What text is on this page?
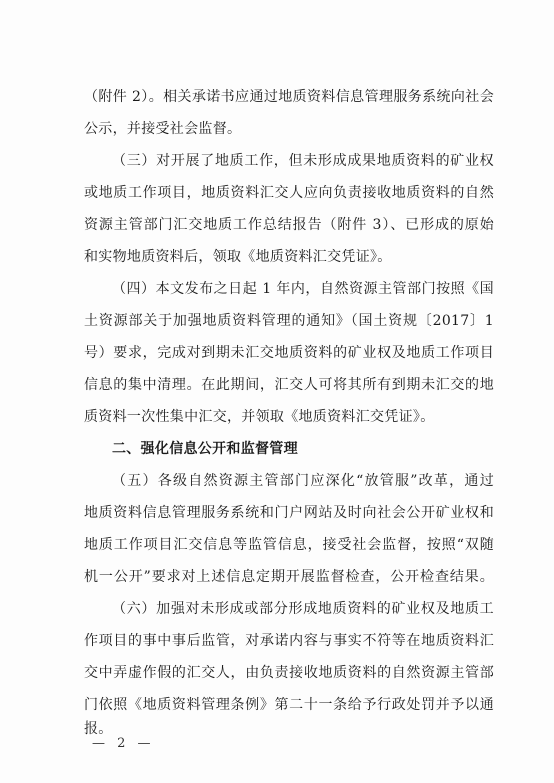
（附件 2）。相关承诺书应通过地质资料信息管理服务系统向社会
公示，并接受社会监督。
（三）对开展了地质工作，但未形成成果地质资料的矿业权
或地质工作项目，地质资料汇交人应向负责接收地质资料的自然
资源主管部门汇交地质工作总结报告（附件 3）、已形成的原始
和实物地质资料后，领取《地质资料汇交凭证》。
（四）本文发布之日起 1 年内，自然资源主管部门按照《国
土资源部关于加强地质资料管理的通知》（国土资规〔2017〕1
号）要求，完成对到期未汇交地质资料的矿业权及地质工作项目
信息的集中清理。在此期间，汇交人可将其所有到期未汇交的地
质资料一次性集中汇交，并领取《地质资料汇交凭证》。
二、强化信息公开和监督管理
（五）各级自然资源主管部门应深化“放管服”改革，通过
地质资料信息管理服务系统和门户网站及时向社会公开矿业权和
地质工作项目汇交信息等监管信息，接受社会监督，按照“双随
机一公开”要求对上述信息定期开展监督检查，公开检查结果。
（六）加强对未形成或部分形成地质资料的矿业权及地质工
作项目的事中事后监管，对承诺内容与事实不符等在地质资料汇
交中弄虚作假的汇交人，由负责接收地质资料的自然资源主管部
门依照《地质资料管理条例》第二十一条给予行政处罚并予以通
报。
— 2 —
